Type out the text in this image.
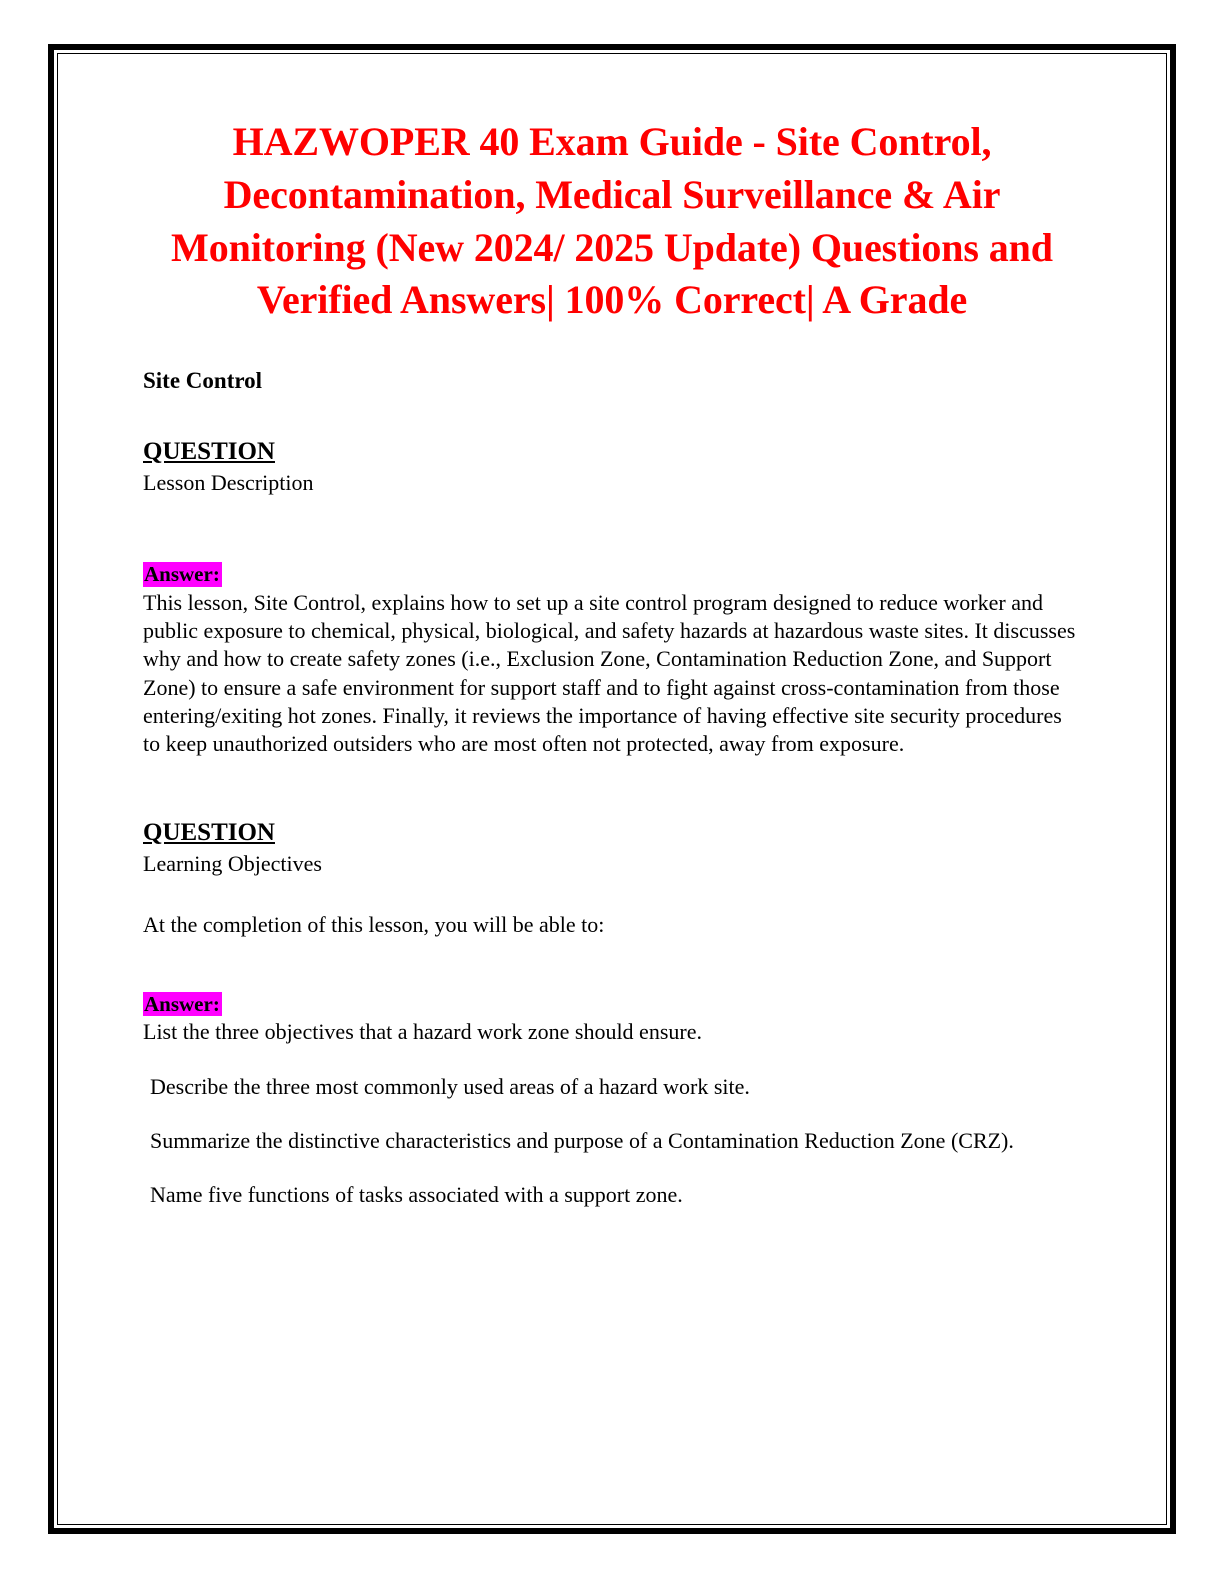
HAZWOPER 40 Exam Guide - Site Control, Decontamination, Medical Surveillance & Air Monitoring (New 2024/ 2025 Update) Questions and Verified Answers| 100% Correct| A Grade
Site Control
QUESTION
Lesson Description
Answer:

This lesson, Site Control, explains how to set up a site control program designed to reduce worker and public exposure to chemical, physical, biological, and safety hazards at hazardous waste sites. It discusses why and how to create safety zones (i.e., Exclusion Zone, Contamination Reduction Zone, and Support Zone) to ensure a safe environment for support staff and to fight against cross-contamination from those entering/exiting hot zones. Finally, it reviews the importance of having effective site security procedures to keep unauthorized outsiders who are most often not protected, away from exposure.

QUESTION
Learning Objectives

At the completion of this lesson, you will be able to:

Answer:
List the three objectives that a hazard work zone should ensure.
Describe the three most commonly used areas of a hazard work site.
Summarize the distinctive characteristics and purpose of a Contamination Reduction Zone (CRZ).
Name five functions of tasks associated with a support zone.
